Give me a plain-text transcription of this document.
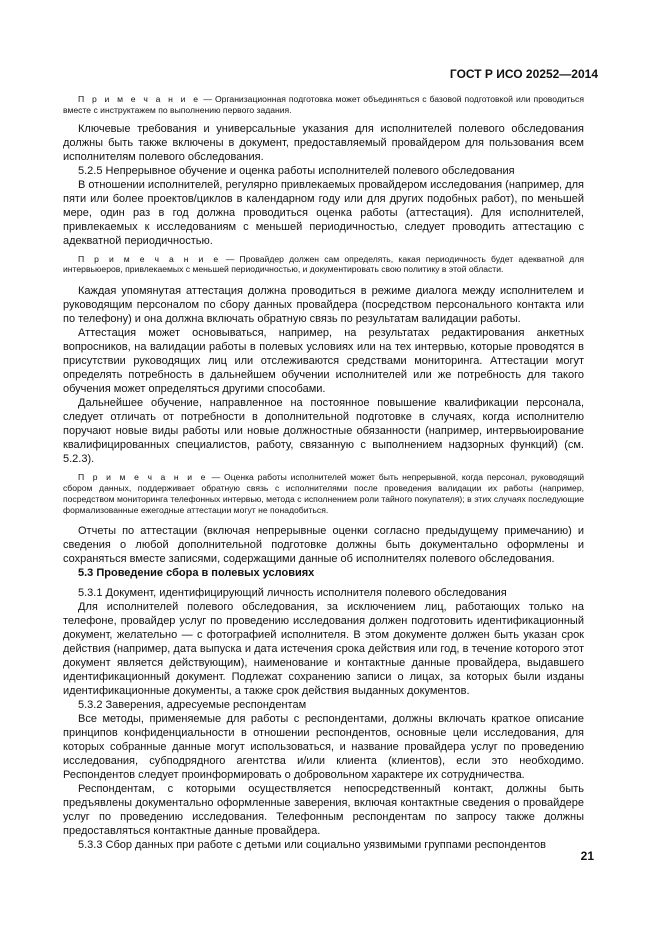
ГОСТ Р ИСО 20252—2014

П р и м е ч а н и е — Организационная подготовка может объединяться с базовой подготовкой или проводиться вместе с инструктажем по выполнению первого задания.

Ключевые требования и универсальные указания для исполнителей полевого обследования должны быть также включены в документ, предоставляемый провайдером для пользования всем исполнителям полевого обследования.

5.2.5 Непрерывное обучение и оценка работы исполнителей полевого обследования

В отношении исполнителей, регулярно привлекаемых провайдером исследования (например, для пяти или более проектов/циклов в календарном году или для других подобных работ), по меньшей мере, один раз в год должна проводиться оценка работы (аттестация). Для исполнителей, привлекаемых к исследованиям с меньшей периодичностью, следует проводить аттестацию с адекватной периодичностью.

П р и м е ч а н и е — Провайдер должен сам определять, какая периодичность будет адекватной для интервьюеров, привлекаемых с меньшей периодичностью, и документировать свою политику в этой области.

Каждая упомянутая аттестация должна проводиться в режиме диалога между исполнителем и руководящим персоналом по сбору данных провайдера (посредством персонального контакта или по телефону) и она должна включать обратную связь по результатам валидации работы.

Аттестация может основываться, например, на результатах редактирования анкетных вопросников, на валидации работы в полевых условиях или на тех интервью, которые проводятся в присутствии руководящих лиц или отслеживаются средствами мониторинга. Аттестации могут определять потребность в дальнейшем обучении исполнителей или же потребность для такого обучения может определяться другими способами.

Дальнейшее обучение, направленное на постоянное повышение квалификации персонала, следует отличать от потребности в дополнительной подготовке в случаях, когда исполнителю поручают новые виды работы или новые должностные обязанности (например, интервьюирование квалифицированных специалистов, работу, связанную с выполнением надзорных функций) (см. 5.2.3).

П р и м е ч а н и е — Оценка работы исполнителей может быть непрерывной, когда персонал, руководящий сбором данных, поддерживает обратную связь с исполнителями после проведения валидации их работы (например, посредством мониторинга телефонных интервью, метода с исполнением роли тайного покупателя); в этих случаях последующие формализованные ежегодные аттестации могут не понадобиться.

Отчеты по аттестации (включая непрерывные оценки согласно предыдущему примечанию) и сведения о любой дополнительной подготовке должны быть документально оформлены и сохраняться вместе записями, содержащими данные об исполнителях полевого обследования.

5.3 Проведение сбора в полевых условиях

5.3.1 Документ, идентифицирующий личность исполнителя полевого обследования

Для исполнителей полевого обследования, за исключением лиц, работающих только на телефоне, провайдер услуг по проведению исследования должен подготовить идентификационный документ, желательно — с фотографией исполнителя. В этом документе должен быть указан срок действия (например, дата выпуска и дата истечения срока действия или год, в течение которого этот документ является действующим), наименование и контактные данные провайдера, выдавшего идентификационный документ. Подлежат сохранению записи о лицах, за которых были изданы идентификационные документы, а также срок действия выданных документов.

5.3.2 Заверения, адресуемые респондентам

Все методы, применяемые для работы с респондентами, должны включать краткое описание принципов конфиденциальности в отношении респондентов, основные цели исследования, для которых собранные данные могут использоваться, и название провайдера услуг по проведению исследования, субподрядного агентства и/или клиента (клиентов), если это необходимо. Респондентов следует проинформировать о добровольном характере их сотрудничества.

Респондентам, с которыми осуществляется непосредственный контакт, должны быть предъявлены документально оформленные заверения, включая контактные сведения о провайдере услуг по проведению исследования. Телефонным респондентам по запросу также должны предоставляться контактные данные провайдера.

5.3.3 Сбор данных при работе с детьми или социально уязвимыми группами респондентов

21
